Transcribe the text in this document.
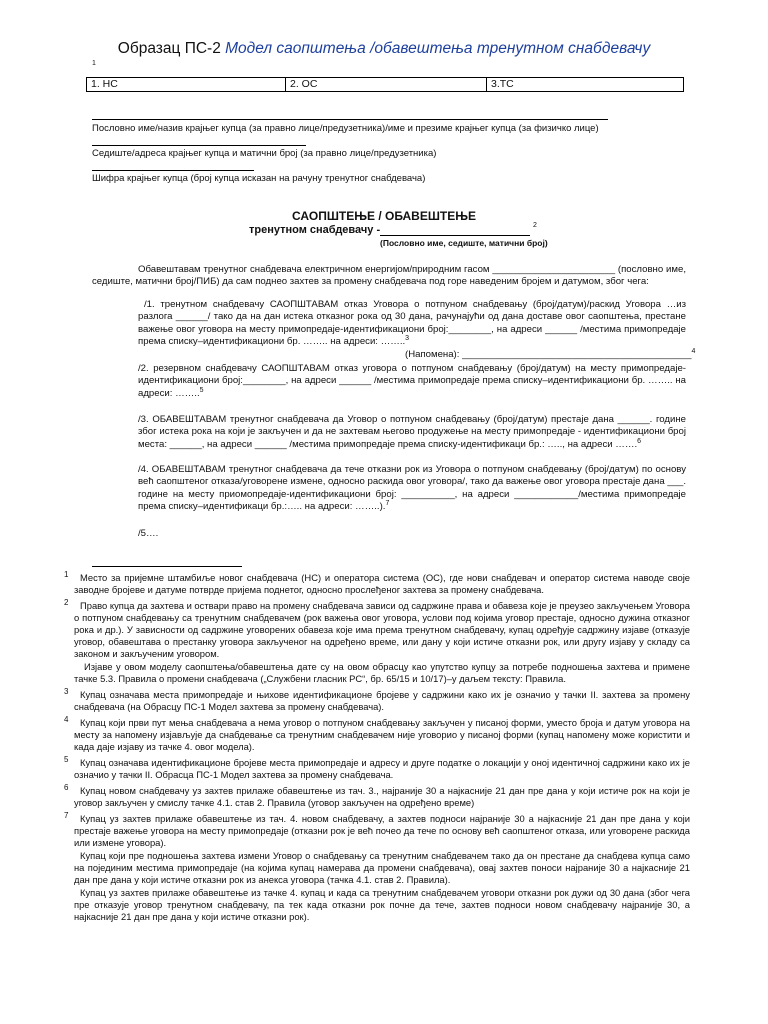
Образац ПС-2 Модел саопштења /обавештења тренутном снабдевачу
1
1. НС	2. ОС	3.ТС
Пословно име/назив крајњег купца (за правно лице/предузетника)/име и презиме крајњег купца (за физичко лице)
Седиште/адреса крајњег купца и матични број (за правно лице/предузетника)
Шифра крајњег купца (број купца исказан на рачуну тренутног снабдевача)
САОПШТЕЊЕ / ОБАВЕШТЕЊЕ
тренутном снабдевачу -	2
(Пословно име, седиште, матични број)
Обавештавам тренутног снабдевача електричном енергијом/природним гасом _______________________ (пословно име, седиште, матични број/ПИБ) да сам поднео захтев за промену снабдевача под горе наведеним бројем и датумом, због чега:
/1. тренутном снабдевачу САОПШТАВАМ отказ Уговора о потпуном снабдевању (број/датум)/раскид Уговора …из разлога ______/ тако да на дан истека отказног рока од 30 дана, рачунајући од дана доставе овог саопштења, престане важење овог уговора на месту примопредаје-идентификациони број:________, на адреси ______ /местима примопредаје према списку–идентификациони бр. …….. на адреси: ……..$^3$
(Напомена): ___________________________________________$^4$
/2. резервном снабдевачу САОПШТАВАМ отказ уговора о потпуном снабдевању (број/датум) на месту примопредаје-идентификациони број:________, на адреси ______ /местима примопредаје према списку–идентификациони бр. …….. на адреси: ……..$^5$
/3. ОБАВЕШТАВАМ тренутног снабдевача да Уговор о потпуном снабдевању (број/датум) престаје дана ______. године због истека рока на који је закључен и да не захтевам његово продужење на месту примопредаје - идентификациони број места: ______, на адреси ______ /местима примопредаје према списку-идентификаци бр.: ….., на адреси …….$^6$
/4. ОБАВЕШТАВАМ тренутног снабдевача да тече отказни рок из Уговора о потпуном снабдевању (број/датум) по основу већ саопштеног отказа/уговорене измене, односно раскида овог уговора/, тако да важење овог уговора престаје дана ___. године на месту приомопредаје-идентификациони број: __________, на адреси ____________/местима примопредаје према списку–идентификаци бр.:….. на адреси: ……..).$^7$
/5….
1	Место за пријемне штамбиље новог снабдевача (НС) и оператора система (ОС), где нови снабдевач и оператор система наводе своје заводне бројеве и датуме потврде пријема поднетог, односно прослеђеног захтева за промену снабдевача.
2	Право купца да захтева и оствари право на промену снабдевача зависи од садржине права и обавеза које је преузео закључењем Уговора о потпуном снабдевању са тренутним снабдевачем (рок важења овог уговора, услови под којима уговор престаје, односно дужина отказног рока и др.). У зависности од садржине уговорених обавеза које има према тренутном снабдевачу, купац одређује садржину изјаве (отказује уговор, обавештава о престанку уговора закљученог на одређено време, или дану у који истиче отказни рок, или другу изјаву у складу са законом и закљученим уговором.
Изјаве у овом моделу саопштења/обавештења дате су на овом обрасцу као упутство купцу за потребе подношења захтева и примене тачке 5.3. Правила о промени снабдевача („Службени гласник РС“, бр. 65/15 и 10/17)–у даљем тексту: Правила.
3	Купац означава места примопредаје и њихове идентификационе бројеве у садржини како их је означио у тачки II. захтева за промену снабдевача (на Обрасцу ПС-1 Модел захтева за промену снабдевача).
4	Купац који први пут мења снабдевача а нема уговор о потпуном снабдевању закључен у писаној форми, уместо броја и датум уговора на месту за напомену изјављује да снабдевање са тренутним снабдевачем није уговорио у писаној форми (купац напомену може користити и када даје изјаву из тачке 4. овог модела).
5	Купац означава идентификационе бројеве места примопредаје и адресу и друге податке о локацији у оној идентичној садржини како их је означио у тачки II. Обрасца ПС-1 Модел захтева за промену снабдевача.
6	Купац новом снабдевачу уз захтев прилаже обавештење из тач. 3., најраније 30 а најкасније 21 дан пре дана у који истиче рок на који је уговор закључен у смислу тачке 4.1. став 2. Правила (уговор закључен на одређено време)
7	Купац уз захтев прилаже обавештење из тач. 4. новом снабдевачу, а захтев подноси најраније 30 а најкасније 21 дан пре дана у који престаје важење уговора на месту примопредаје (отказни рок је већ почео да тече по основу већ саопштеног отказа, или уговорене раскида или измене уговора).
Купац који пре подношења захтева измени Уговор о снабдевању са тренутним снабдевачем тако да он престане да снабдева купца само на појединим местима примопредаје (на којима купац намерава да промени снабдевача), овај захтев поноси најраније 30 а најкасније 21 дан пре дана у који истиче отказни рок из анекса уговора (тачка 4.1. став 2. Правила).
Купац уз захтев прилаже обавештење из тачке 4. купац и када са тренутним снабдевачем уговори отказни рок дужи од 30 дана (због чега пре отказује уговор тренутном снабдевачу, па тек када отказни рок почне да тече, захтев подноси новом снабдевачу најраније 30, а најкасније 21 дан пре дана у који истиче отказни рок).
